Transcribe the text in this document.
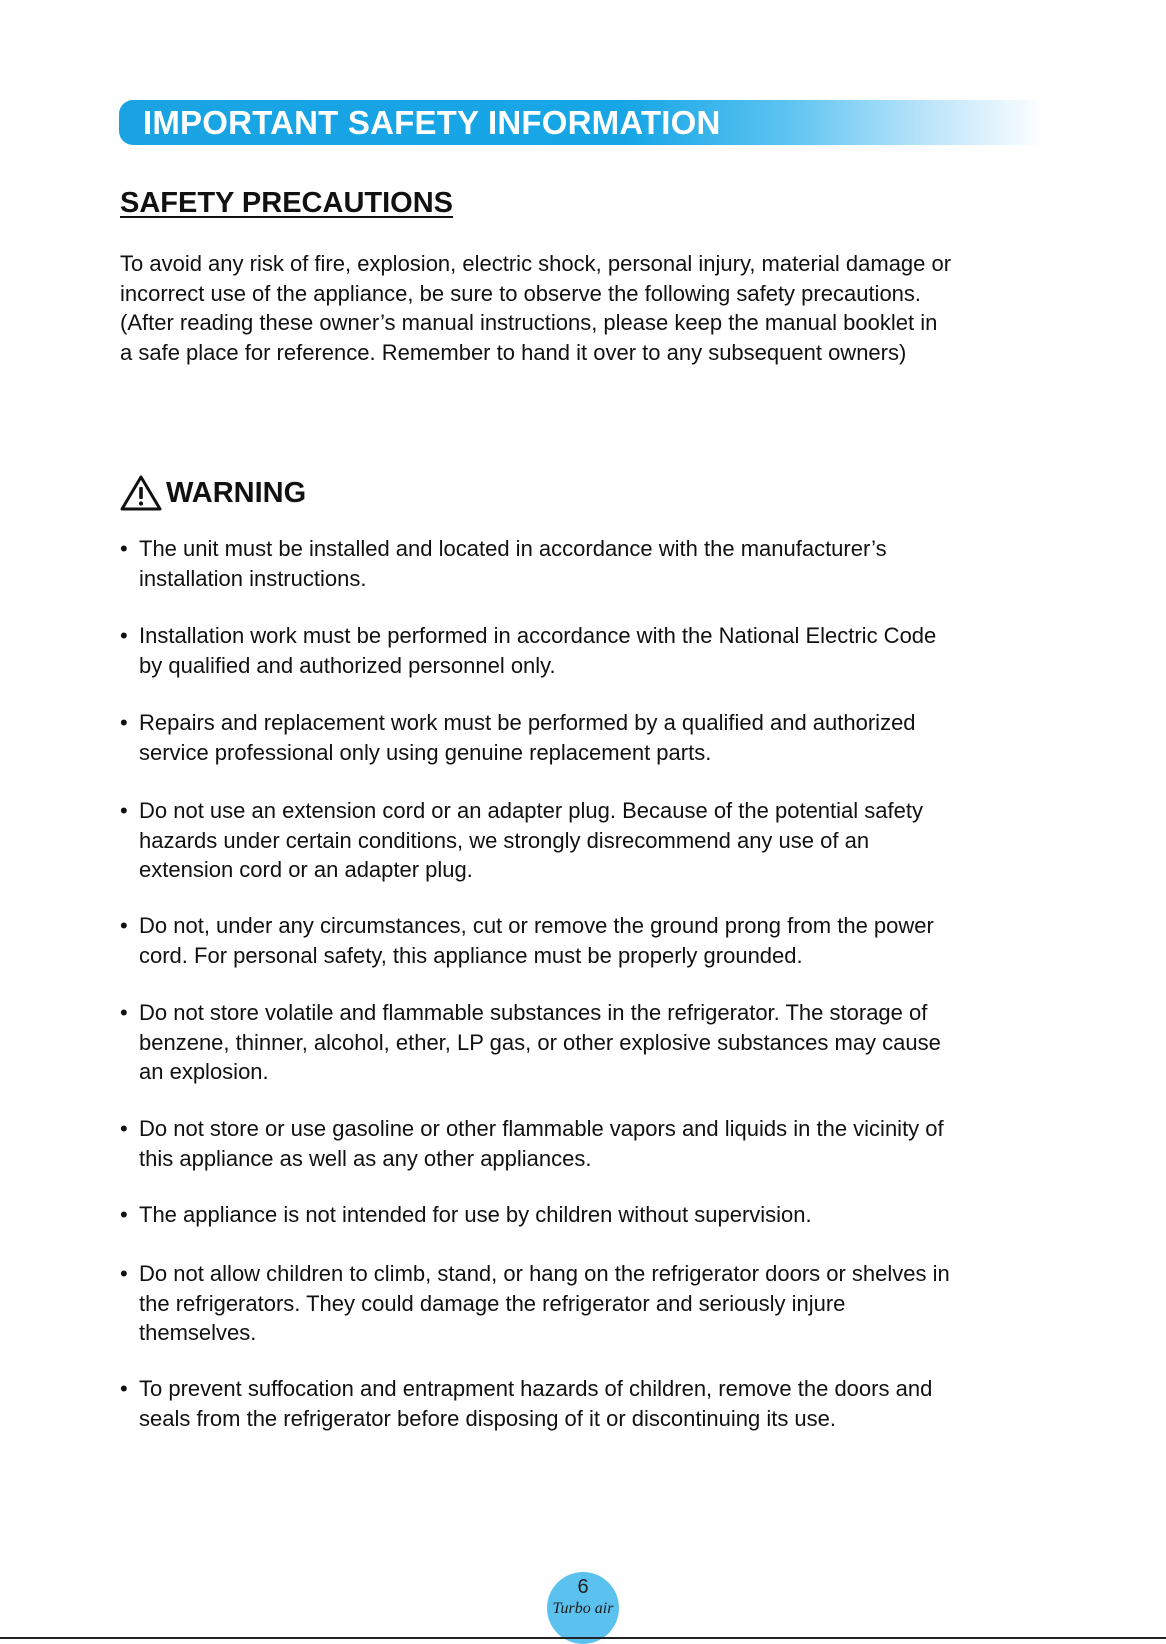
IMPORTANT SAFETY INFORMATION
SAFETY PRECAUTIONS

To avoid any risk of fire, explosion, electric shock, personal injury, material damage or

incorrect use of the appliance, be sure to observe the following safety precautions.

(After reading these owner’s manual instructions, please keep the manual booklet in

a safe place for reference. Remember to hand it over to any subsequent owners)

WARNING
• The unit must be installed and located in accordance with the manufacturer’s
installation instructions.
• Installation work must be performed in accordance with the National Electric Code
by qualified and authorized personnel only.
• Repairs and replacement work must be performed by a qualified and authorized
service professional only using genuine replacement parts.
• Do not use an extension cord or an adapter plug. Because of the potential safety
hazards under certain conditions, we strongly disrecommend any use of an
extension cord or an adapter plug.
• Do not, under any circumstances, cut or remove the ground prong from the power
cord. For personal safety, this appliance must be properly grounded.
• Do not store volatile and flammable substances in the refrigerator. The storage of
benzene, thinner, alcohol, ether, LP gas, or other explosive substances may cause
an explosion.
• Do not store or use gasoline or other flammable vapors and liquids in the vicinity of
this appliance as well as any other appliances.
• The appliance is not intended for use by children without supervision.
• Do not allow children to climb, stand, or hang on the refrigerator doors or shelves in
the refrigerators. They could damage the refrigerator and seriously injure
themselves.
• To prevent suffocation and entrapment hazards of children, remove the doors and
seals from the refrigerator before disposing of it or discontinuing its use.
6
Turbo air
